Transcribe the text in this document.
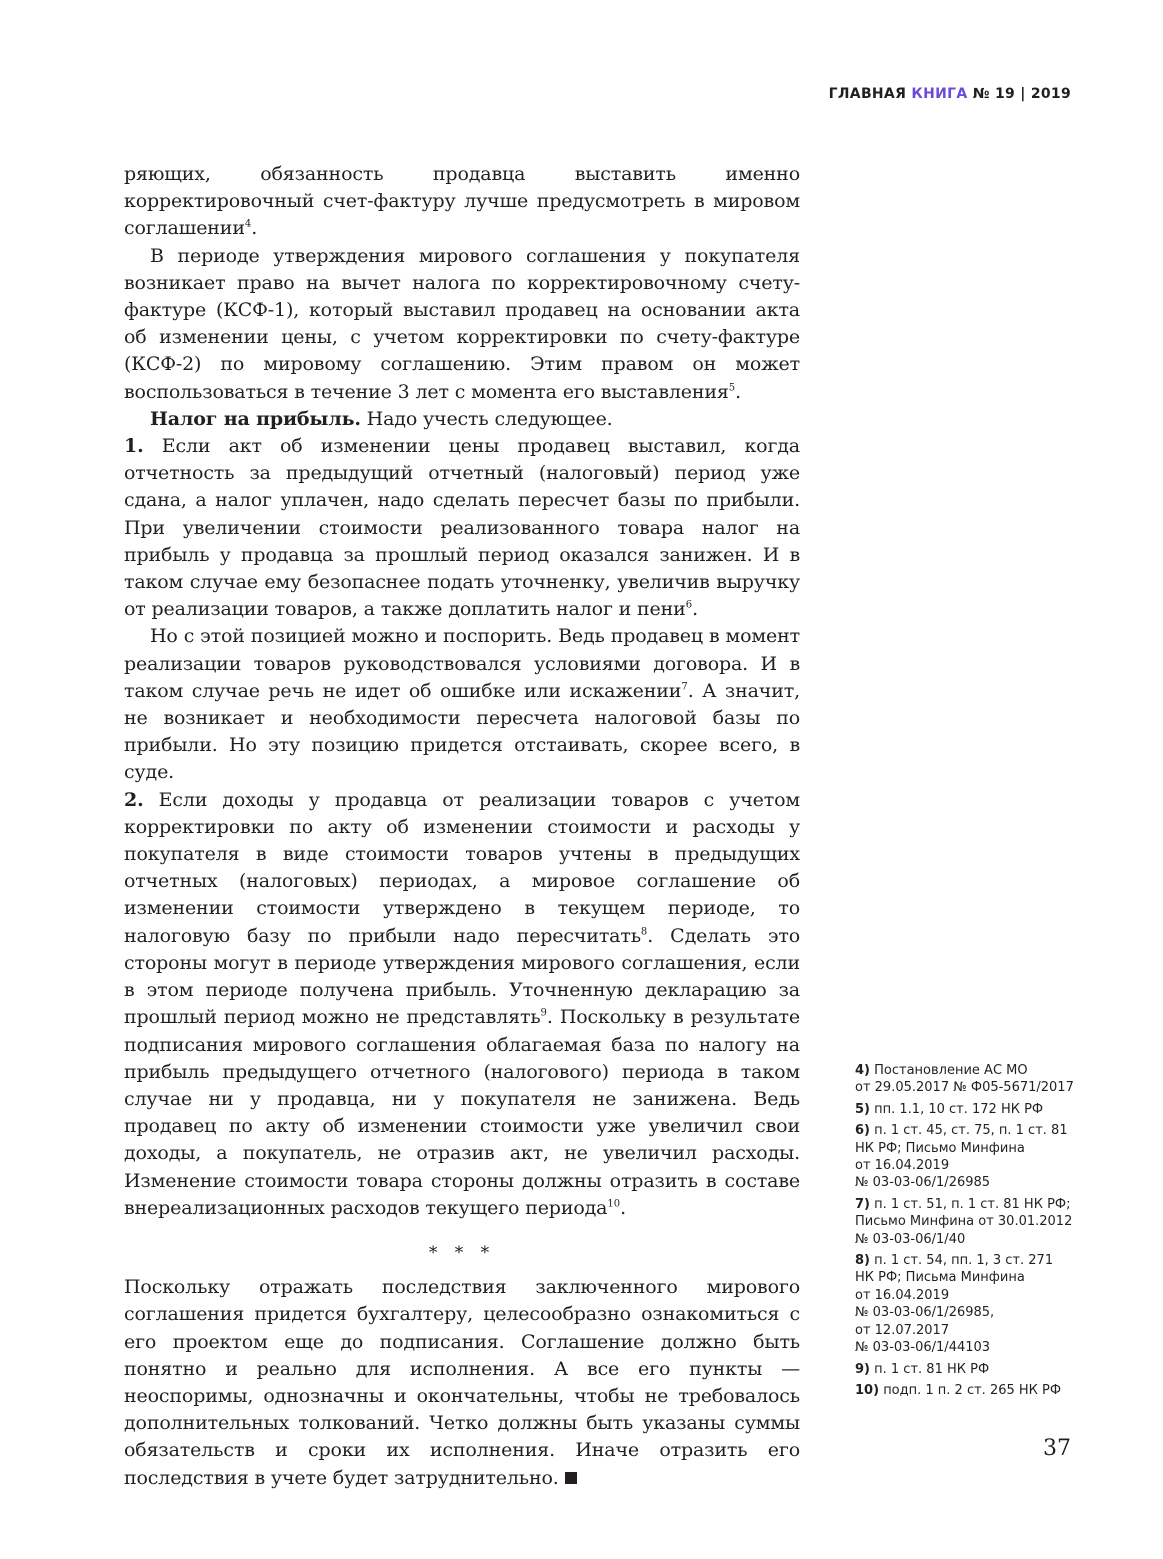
ГЛАВНАЯ КНИГА № 19 | 2019

ряющих, обязанность продавца выставить именно корректировочный счет-фактуру лучше предусмотреть в мировом соглашении$^4$.

В периоде утверждения мирового соглашения у покупателя возникает право на вычет налога по корректировочному счету-фактуре (КСФ-1), который выставил продавец на основании акта об изменении цены, с учетом корректировки по счету-фактуре (КСФ-2) по мировому соглашению. Этим правом он может воспользоваться в течение 3 лет с момента его выставления$^5$.

Налог на прибыль. Надо учесть следующее.

1. Если акт об изменении цены продавец выставил, когда отчетность за предыдущий отчетный (налоговый) период уже сдана, а налог уплачен, надо сделать пересчет базы по прибыли. При увеличении стоимости реализованного товара налог на прибыль у продавца за прошлый период оказался занижен. И в таком случае ему безопаснее подать уточненку, увеличив выручку от реализации товаров, а также доплатить налог и пени$^6$.

Но с этой позицией можно и поспорить. Ведь продавец в момент реализации товаров руководствовался условиями договора. И в таком случае речь не идет об ошибке или искажении$^7$. А значит, не возникает и необходимости пересчета налоговой базы по прибыли. Но эту позицию придется отстаивать, скорее всего, в суде.

2. Если доходы у продавца от реализации товаров с учетом корректировки по акту об изменении стоимости и расходы у покупателя в виде стоимости товаров учтены в предыдущих отчетных (налоговых) периодах, а мировое соглашение об изменении стоимости утверждено в текущем периоде, то налоговую базу по прибыли надо пересчитать$^8$. Сделать это стороны могут в периоде утверждения мирового соглашения, если в этом периоде получена прибыль. Уточненную декларацию за прошлый период можно не представлять$^9$. Поскольку в результате подписания мирового соглашения облагаемая база по налогу на прибыль предыдущего отчетного (налогового) периода в таком случае ни у продавца, ни у покупателя не занижена. Ведь продавец по акту об изменении стоимости уже увеличил свои доходы, а покупатель, не отразив акт, не увеличил расходы. Изменение стоимости товара стороны должны отразить в составе внереализационных расходов текущего периода$^{10}$.

* * *

Поскольку отражать последствия заключенного мирового соглашения придется бухгалтеру, целесообразно ознакомиться с его проектом еще до подписания. Соглашение должно быть понятно и реально для исполнения. А все его пункты — неоспоримы, однозначны и окончательны, чтобы не требовалось дополнительных толкований. Четко должны быть указаны суммы обязательств и сроки их исполнения. Иначе отразить его последствия в учете будет затруднительно.

4) Постановление АС МО
от 29.05.2017 № Ф05-5671/2017
5) пп. 1.1, 10 ст. 172 НК РФ
6) п. 1 ст. 45, ст. 75, п. 1 ст. 81
НК РФ; Письмо Минфина
от 16.04.2019
№ 03-03-06/1/26985
7) п. 1 ст. 51, п. 1 ст. 81 НК РФ;
Письмо Минфина от 30.01.2012
№ 03-03-06/1/40
8) п. 1 ст. 54, пп. 1, 3 ст. 271
НК РФ; Письма Минфина
от 16.04.2019
№ 03-03-06/1/26985,
от 12.07.2017
№ 03-03-06/1/44103
9) п. 1 ст. 81 НК РФ
10) подп. 1 п. 2 ст. 265 НК РФ
37
